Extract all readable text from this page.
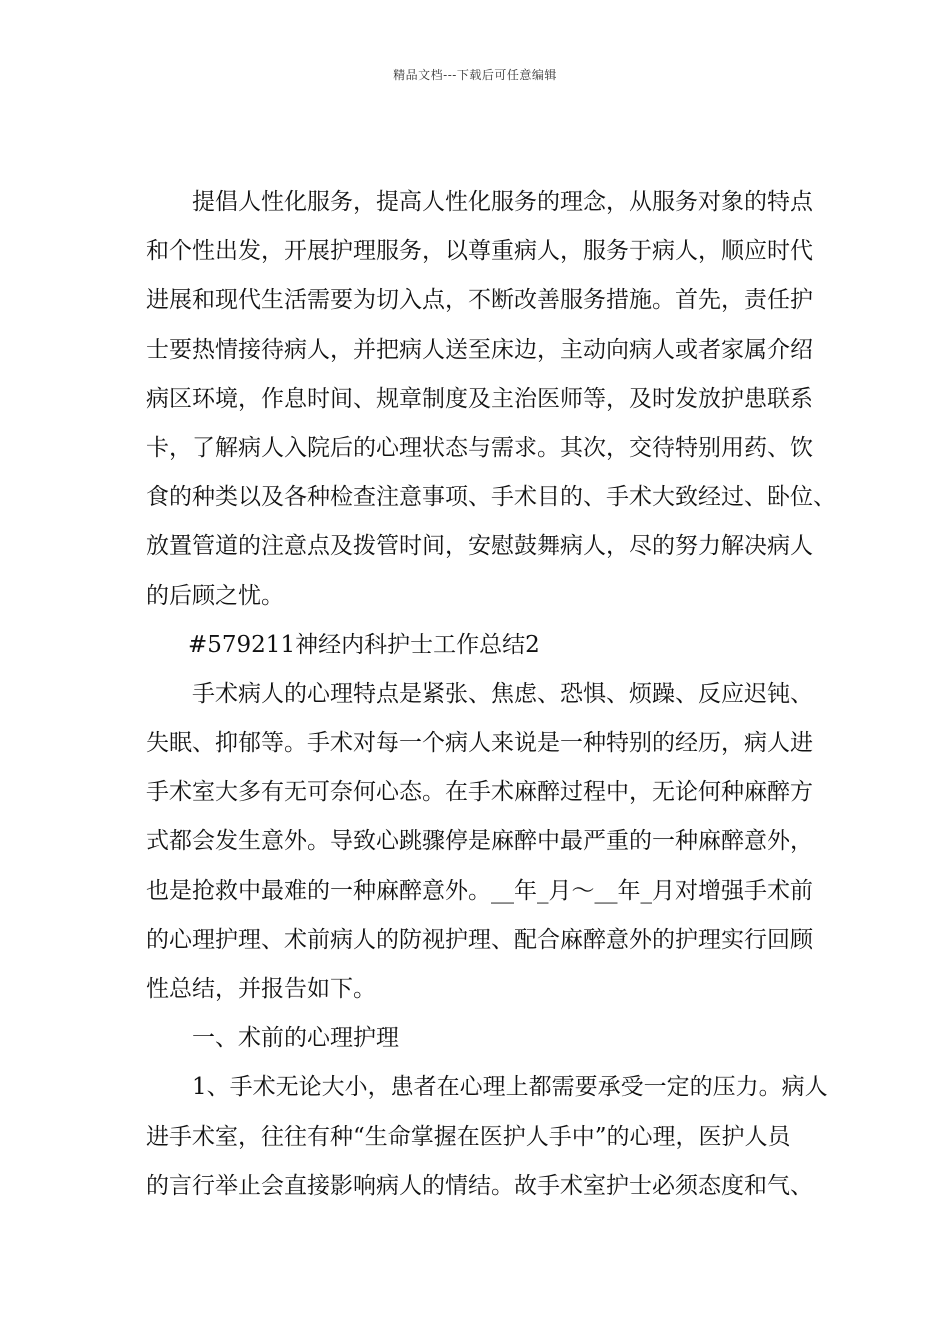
精品文档---下载后可任意编辑
提倡人性化服务，提高人性化服务的理念，从服务对象的特点
和个性出发，开展护理服务，以尊重病人，服务于病人，顺应时代
进展和现代生活需要为切入点，不断改善服务措施。首先，责任护
士要热情接待病人，并把病人送至床边，主动向病人或者家属介绍
病区环境，作息时间、规章制度及主治医师等，及时发放护患联系
卡，了解病人入院后的心理状态与需求。其次，交待特别用药、饮
食的种类以及各种检查注意事项、手术目的、手术大致经过、卧位、
放置管道的注意点及拨管时间，安慰鼓舞病人，尽的努力解决病人
的后顾之忧。
#579211神经内科护士工作总结2
手术病人的心理特点是紧张、焦虑、恐惧、烦躁、反应迟钝、
失眠、抑郁等。手术对每一个病人来说是一种特别的经历，病人进
手术室大多有无可奈何心态。在手术麻醉过程中，无论何种麻醉方
式都会发生意外。导致心跳骤停是麻醉中最严重的一种麻醉意外，
也是抢救中最难的一种麻醉意外。__年_月～__年_月对增强手术前
的心理护理、术前病人的防视护理、配合麻醉意外的护理实行回顾
性总结，并报告如下。
一、术前的心理护理
1、手术无论大小，患者在心理上都需要承受一定的压力。病人
进手术室，往往有种“生命掌握在医护人手中”的心理，医护人员
的言行举止会直接影响病人的情结。故手术室护士必须态度和气、
